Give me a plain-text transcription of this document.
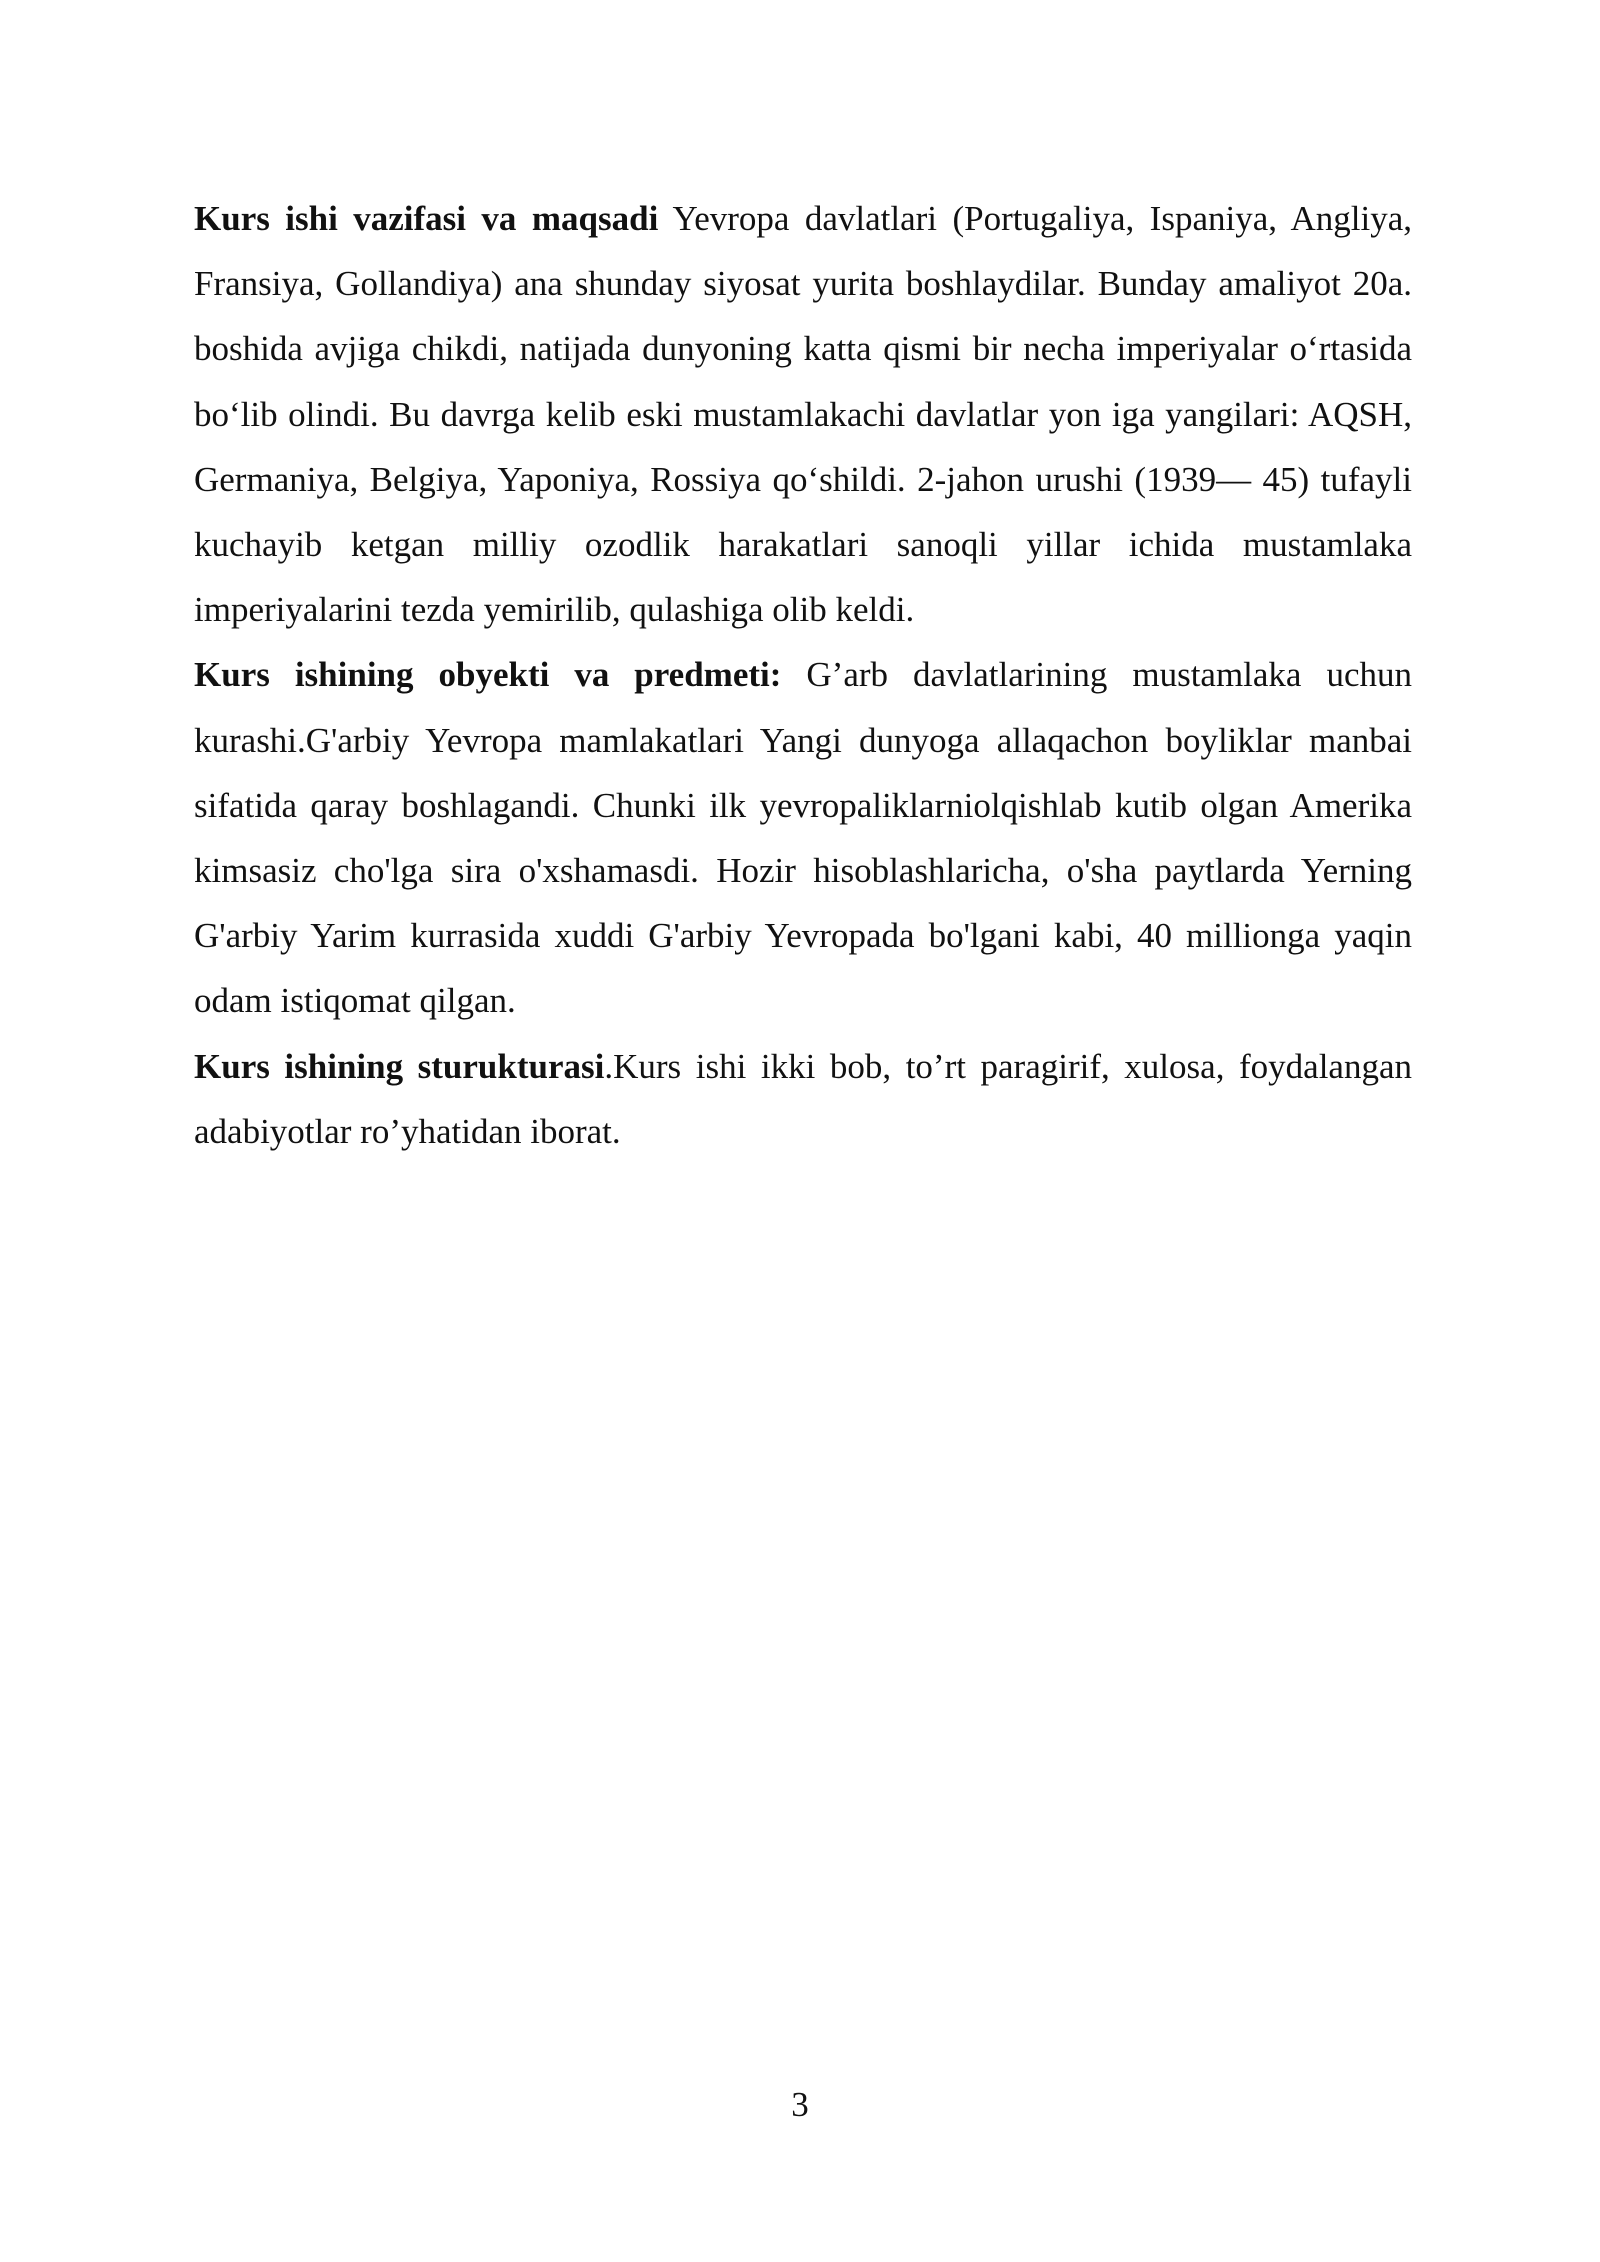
Kurs ishi vazifasi va maqsadi Yevropa davlatlari (Portugaliya, Ispaniya, Angliya, Fransiya, Gollandiya) ana shunday siyosat yurita boshlaydilar. Bunday amaliyot 20a. boshida avjiga chikdi, natijada dunyoning katta qismi bir necha imperiyalar o‘rtasida bo‘lib olindi. Bu davrga kelib eski mustamlakachi davlatlar yon iga yangilari: AQSH, Germaniya, Belgiya, Yaponiya, Rossiya qo‘shildi. 2-jahon urushi (1939— 45) tufayli kuchayib ketgan milliy ozodlik harakatlari sanoqli yillar ichida mustamlaka imperiyalarini tezda yemirilib, qulashiga olib keldi.

Kurs ishining obyekti va predmeti: G’arb davlatlarining mustamlaka uchun kurashi.G'arbiy Yevropa mamlakatlari Yangi dunyoga allaqachon boyliklar manbai sifatida qaray boshlagandi. Chunki ilk yevropaliklarniolqishlab kutib olgan Amerika kimsasiz cho'lga sira o'xshamasdi. Hozir hisoblashlaricha, o'sha paytlarda Yerning G'arbiy Yarim kurrasida xuddi G'arbiy Yevropada bo'lgani kabi, 40 millionga yaqin odam istiqomat qilgan.

Kurs ishining sturukturasi.Kurs ishi ikki bob, to’rt paragirif, xulosa, foydalangan adabiyotlar ro’yhatidan iborat.

3
